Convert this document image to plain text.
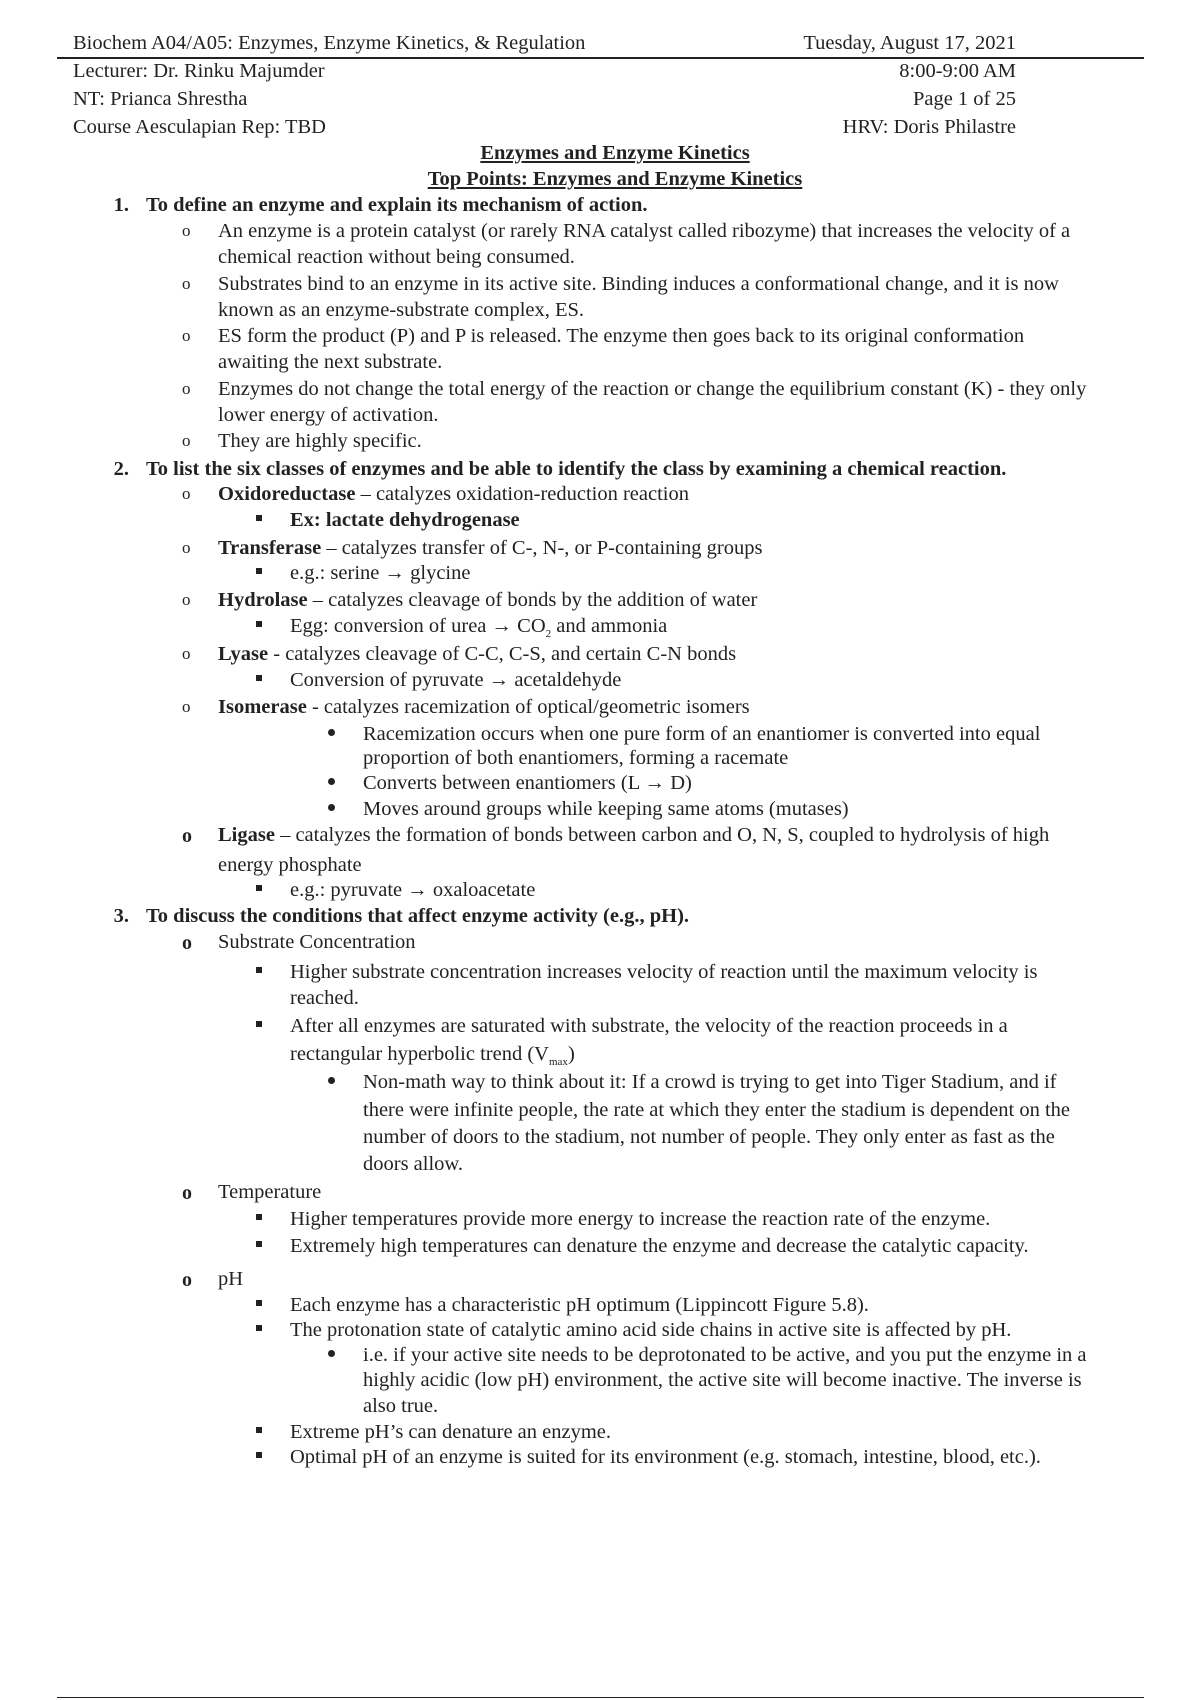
Biochem A04/A05: Enzymes, Enzyme Kinetics, & Regulation	Tuesday, August 17, 2021
Lecturer: Dr. Rinku Majumder	8:00-9:00 AM
NT: Prianca Shrestha	Page 1 of 25
Course Aesculapian Rep: TBD	HRV: Doris Philastre
Enzymes and Enzyme Kinetics
Top Points: Enzymes and Enzyme Kinetics
1. To define an enzyme and explain its mechanism of action.
o An enzyme is a protein catalyst (or rarely RNA catalyst called ribozyme) that increases the velocity of a
chemical reaction without being consumed.
o Substrates bind to an enzyme in its active site. Binding induces a conformational change, and it is now
known as an enzyme-substrate complex, ES.
o ES form the product (P) and P is released. The enzyme then goes back to its original conformation
awaiting the next substrate.
o Enzymes do not change the total energy of the reaction or change the equilibrium constant (K) - they only
lower energy of activation.
o They are highly specific.
2. To list the six classes of enzymes and be able to identify the class by examining a chemical reaction.
o Oxidoreductase – catalyzes oxidation-reduction reaction
Ex: lactate dehydrogenase
o Transferase – catalyzes transfer of C-, N-, or P-containing groups
e.g.: serine → glycine
o Hydrolase – catalyzes cleavage of bonds by the addition of water
Egg: conversion of urea → $CO_2$ and ammonia
o Lyase - catalyzes cleavage of C-C, C-S, and certain C-N bonds
Conversion of pyruvate → acetaldehyde
o Isomerase - catalyzes racemization of optical/geometric isomers
Racemization occurs when one pure form of an enantiomer is converted into equal
proportion of both enantiomers, forming a racemate
Converts between enantiomers (L → D)
Moves around groups while keeping same atoms (mutases)
o Ligase – catalyzes the formation of bonds between carbon and O, N, S, coupled to hydrolysis of high
energy phosphate
e.g.: pyruvate → oxaloacetate
3. To discuss the conditions that affect enzyme activity (e.g., pH).
o Substrate Concentration
Higher substrate concentration increases velocity of reaction until the maximum velocity is
reached.
After all enzymes are saturated with substrate, the velocity of the reaction proceeds in a
rectangular hyperbolic trend $(V_{max})$
Non-math way to think about it: If a crowd is trying to get into Tiger Stadium, and if
there were infinite people, the rate at which they enter the stadium is dependent on the
number of doors to the stadium, not number of people. They only enter as fast as the
doors allow.
o Temperature
Higher temperatures provide more energy to increase the reaction rate of the enzyme.
Extremely high temperatures can denature the enzyme and decrease the catalytic capacity.
o pH
Each enzyme has a characteristic pH optimum (Lippincott Figure 5.8).
The protonation state of catalytic amino acid side chains in active site is affected by pH.
i.e. if your active site needs to be deprotonated to be active, and you put the enzyme in a
highly acidic (low pH) environment, the active site will become inactive. The inverse is
also true.
Extreme pH’s can denature an enzyme.
Optimal pH of an enzyme is suited for its environment (e.g. stomach, intestine, blood, etc.).
